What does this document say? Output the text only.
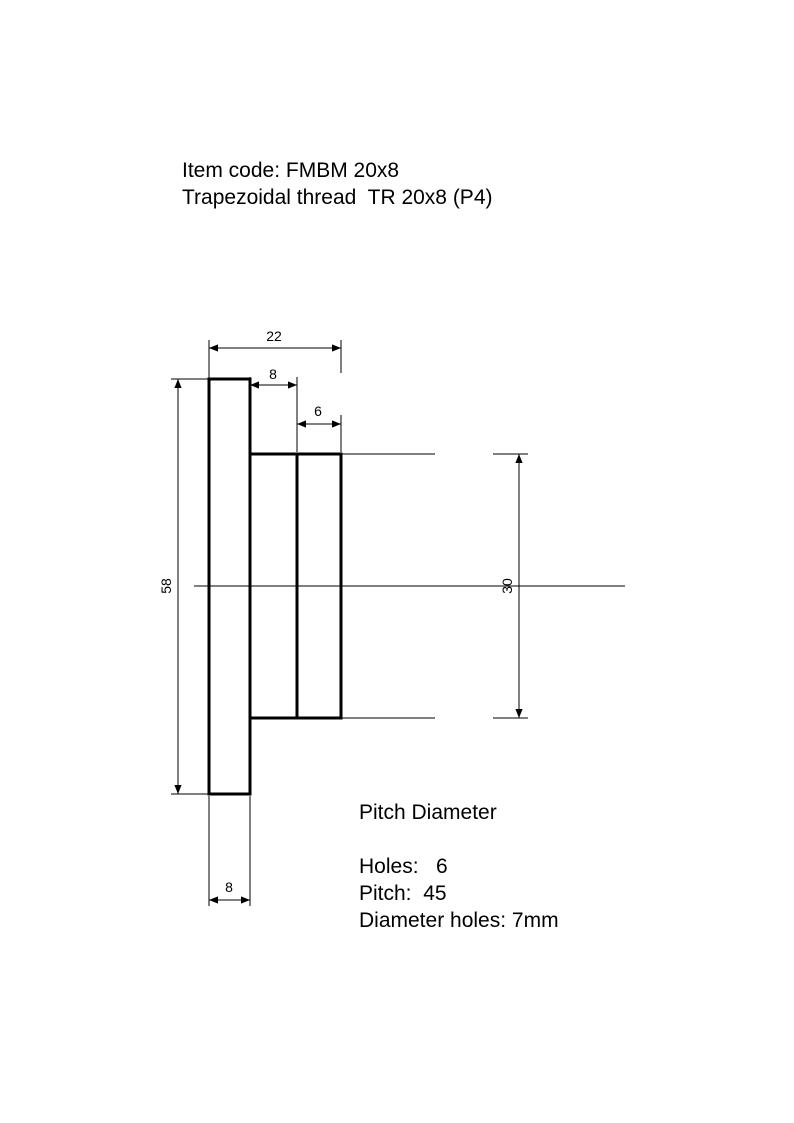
Item code: FMBM 20x8

Trapezoidal thread  TR 20x8 (P4)

22
8
6
58	30
8

Pitch Diameter

Holes:   6

Pitch:  45

Diameter holes: 7mm
